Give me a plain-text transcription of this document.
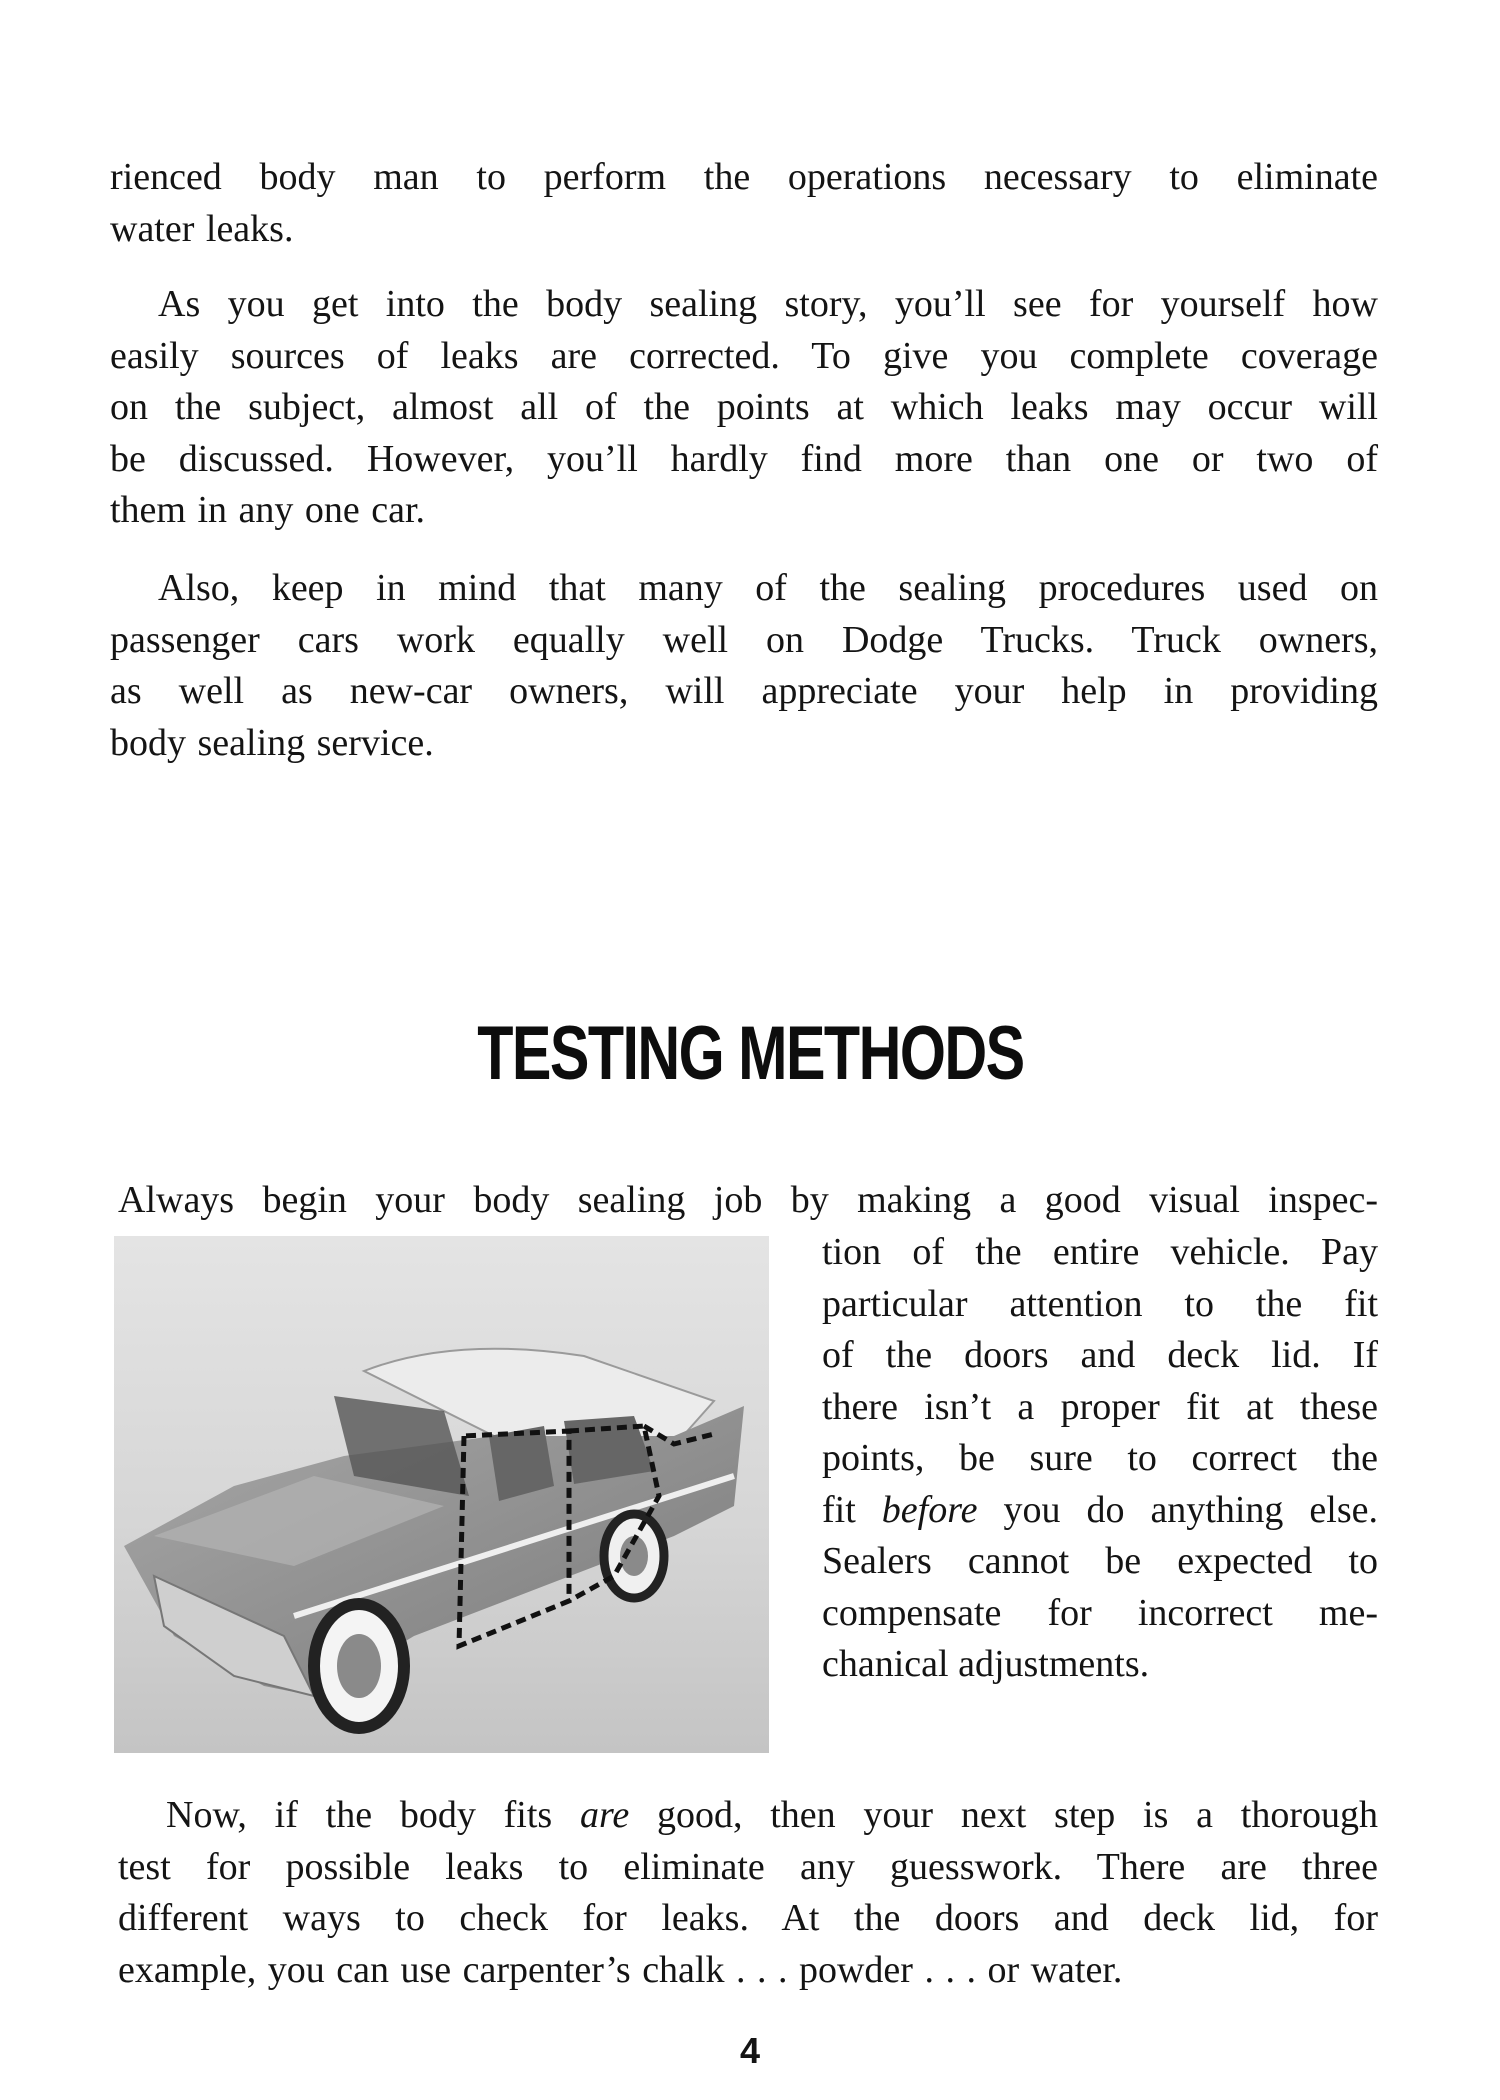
rienced body man to perform the operations necessary to eliminate
water leaks.

As you get into the body sealing story, you’ll see for yourself how
easily sources of leaks are corrected. To give you complete coverage
on the subject, almost all of the points at which leaks may occur will
be discussed. However, you’ll hardly find more than one or two of
them in any one car.

Also, keep in mind that many of the sealing procedures used on
passenger cars work equally well on Dodge Trucks. Truck owners,
as well as new-car owners, will appreciate your help in providing
body sealing service.

TESTING METHODS
Always begin your body sealing job by making a good visual inspec-
tion of the entire vehicle. Pay
particular attention to the fit
of the doors and deck lid. If
there isn’t a proper fit at these
points, be sure to correct the
fit before you do anything else.
Sealers cannot be expected to
compensate for incorrect me-
chanical adjustments.

Now, if the body fits are good, then your next step is a thorough
test for possible leaks to eliminate any guesswork. There are three
different ways to check for leaks. At the doors and deck lid, for
example, you can use carpenter’s chalk . . . powder . . . or water.

4
